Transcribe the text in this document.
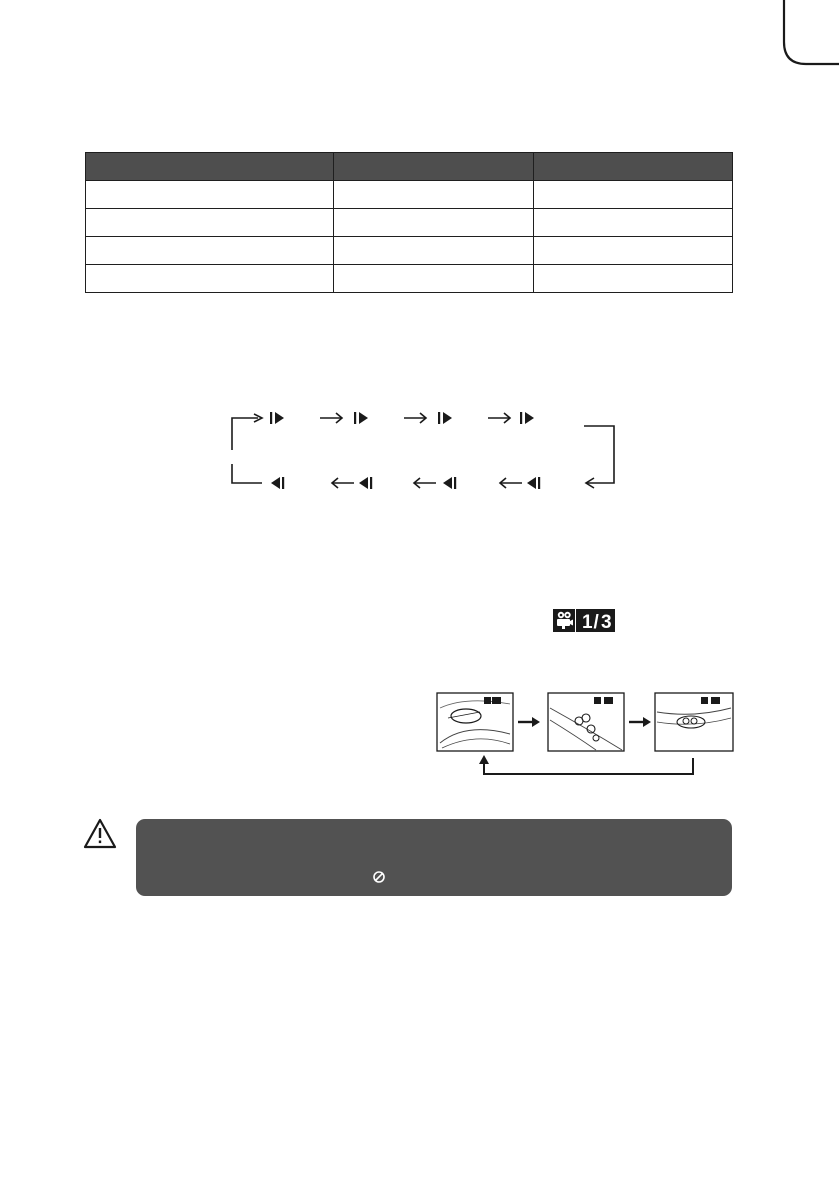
1 / 3
